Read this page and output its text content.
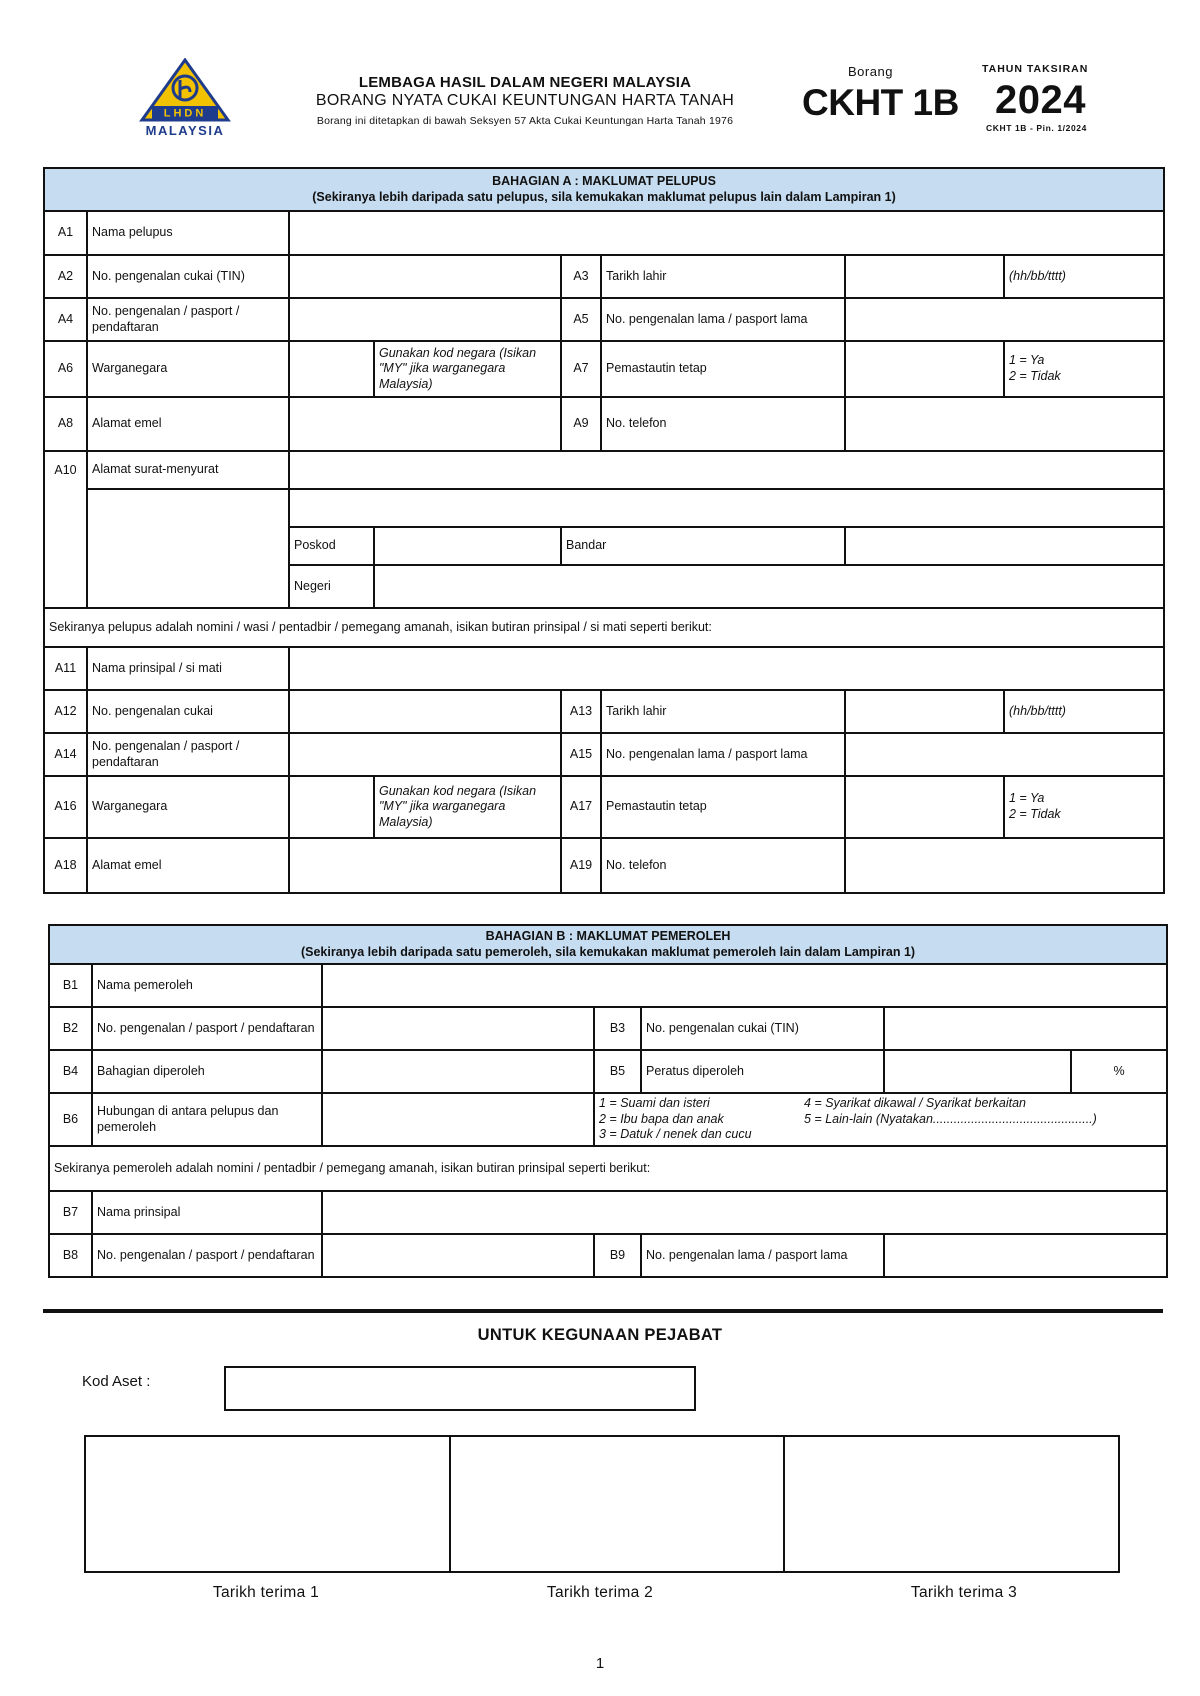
LHDN
MALAYSIA
LEMBAGA HASIL DALAM NEGERI MALAYSIA
BORANG NYATA CUKAI KEUNTUNGAN HARTA TANAH
Borang ini ditetapkan di bawah Seksyen 57 Akta Cukai Keuntungan Harta Tanah 1976
Borang
CKHT 1B
TAHUN TAKSIRAN
2024
CKHT 1B - Pin. 1/2024
BAHAGIAN A : MAKLUMAT PELUPUS
(Sekiranya lebih daripada satu pelupus, sila kemukakan maklumat pelupus lain dalam Lampiran 1)							

A1	Nama pelupus						
A2	No. pengenalan cukai (TIN)			A3	Tarikh lahir		(hh/bb/tttt)
A4	No. pengenalan / pasport / pendaftaran			A5	No. pengenalan lama / pasport lama		
A6	Warganegara		Gunakan kod negara (Isikan "MY" jika warganegara Malaysia)	A7	Pemastautin tetap		1 = Ya
2 = Tidak

A8	Alamat emel			A9	No. telefon		
A10	Alamat surat-menyurat						

		Poskod		Bandar			
		Negeri					
Sekiranya pelupus adalah nomini / wasi / pentadbir / pemegang amanah, isikan butiran prinsipal / si mati seperti berikut:							
A11	Nama prinsipal / si mati						
A12	No. pengenalan cukai			A13	Tarikh lahir		(hh/bb/tttt)
A14	No. pengenalan / pasport / pendaftaran			A15	No. pengenalan lama / pasport lama		
A16	Warganegara		Gunakan kod negara (Isikan "MY" jika warganegara Malaysia)	A17	Pemastautin tetap		1 = Ya
2 = Tidak

A18	Alamat emel			A19	No. telefon		
BAHAGIAN B : MAKLUMAT PEMEROLEH
(Sekiranya lebih daripada satu pemeroleh, sila kemukakan maklumat pemeroleh lain dalam Lampiran 1)						

B1	Nama pemeroleh					
B2	No. pengenalan / pasport / pendaftaran		B3	No. pengenalan cukai (TIN)		
B4	Bahagian diperoleh		B5	Peratus diperoleh		%
B6	Hubungan di antara pelupus dan pemeroleh		1 = Suami dan isteri 4 = Syarikat dikawal / Syarikat berkaitan
2 = Ibu bapa dan anak 5 = Lain-lain (Nyatakan..............................................)
3 = Datuk / nenek dan cucu			

Sekiranya pemeroleh adalah nomini / pentadbir / pemegang amanah, isikan butiran prinsipal seperti berikut:						
B7	Nama prinsipal					
B8	No. pengenalan / pasport / pendaftaran		B9	No. pengenalan lama / pasport lama		
UNTUK KEGUNAAN PEJABAT
Kod Aset :
Tarikh terima 1	Tarikh terima 2	Tarikh terima 3
1
